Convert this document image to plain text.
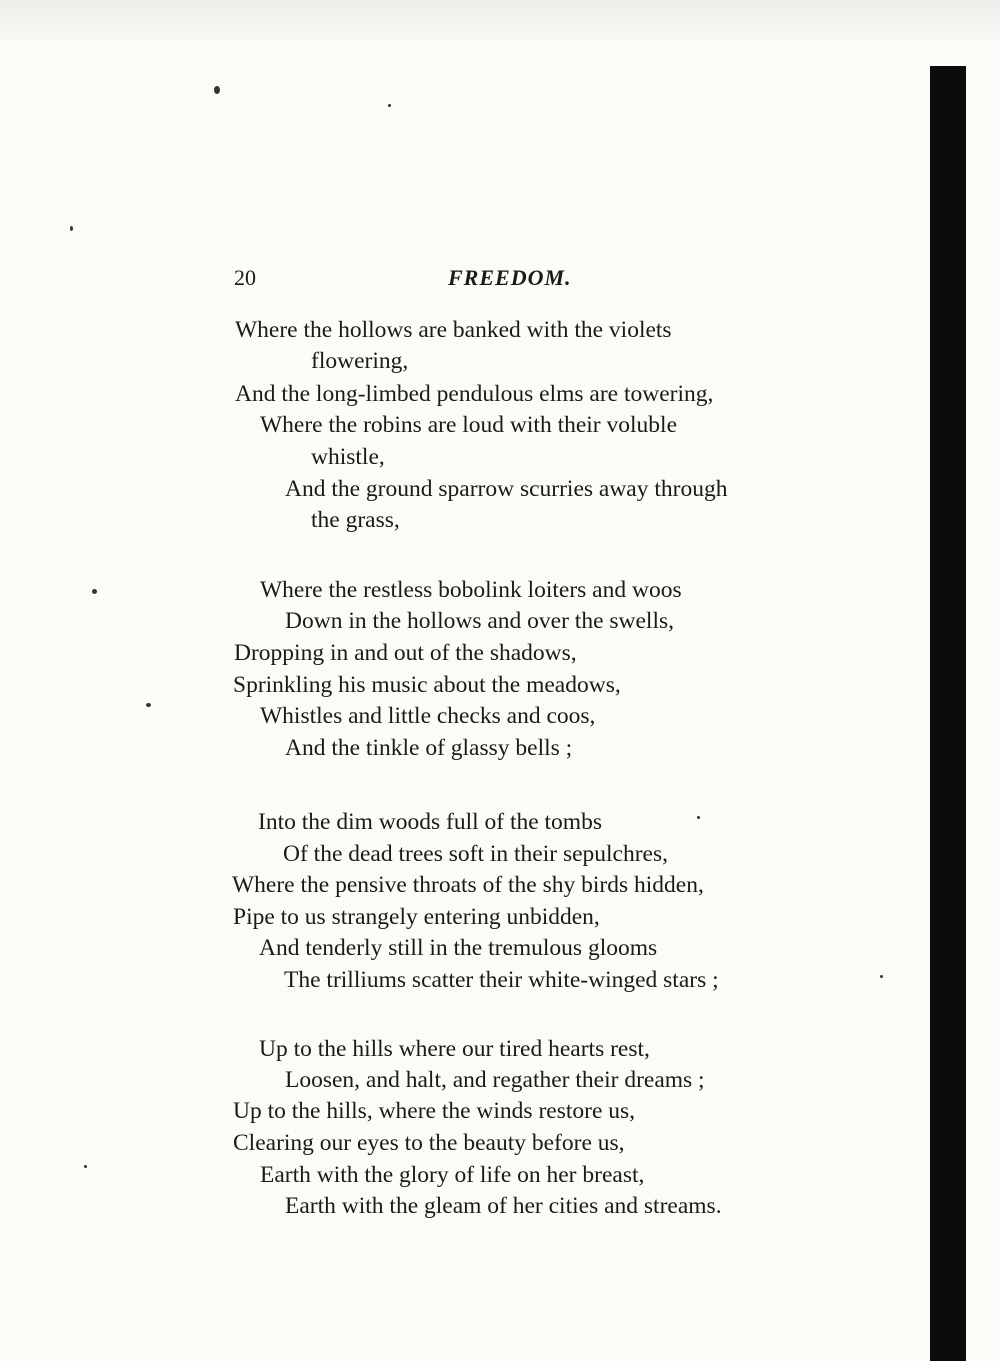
20	FREEDOM.
Where the hollows are banked with the violets
flowering,
And the long-limbed pendulous elms are towering,
Where the robins are loud with their voluble
whistle,
And the ground sparrow scurries away through
the grass,
Where the restless bobolink loiters and woos
Down in the hollows and over the swells,
Dropping in and out of the shadows,
Sprinkling his music about the meadows,
Whistles and little checks and coos,
And the tinkle of glassy bells ;
Into the dim woods full of the tombs
Of the dead trees soft in their sepulchres,
Where the pensive throats of the shy birds hidden,
Pipe to us strangely entering unbidden,
And tenderly still in the tremulous glooms
The trilliums scatter their white-winged stars ;
Up to the hills where our tired hearts rest,
Loosen, and halt, and regather their dreams ;
Up to the hills, where the winds restore us,
Clearing our eyes to the beauty before us,
Earth with the glory of life on her breast,
Earth with the gleam of her cities and streams.
